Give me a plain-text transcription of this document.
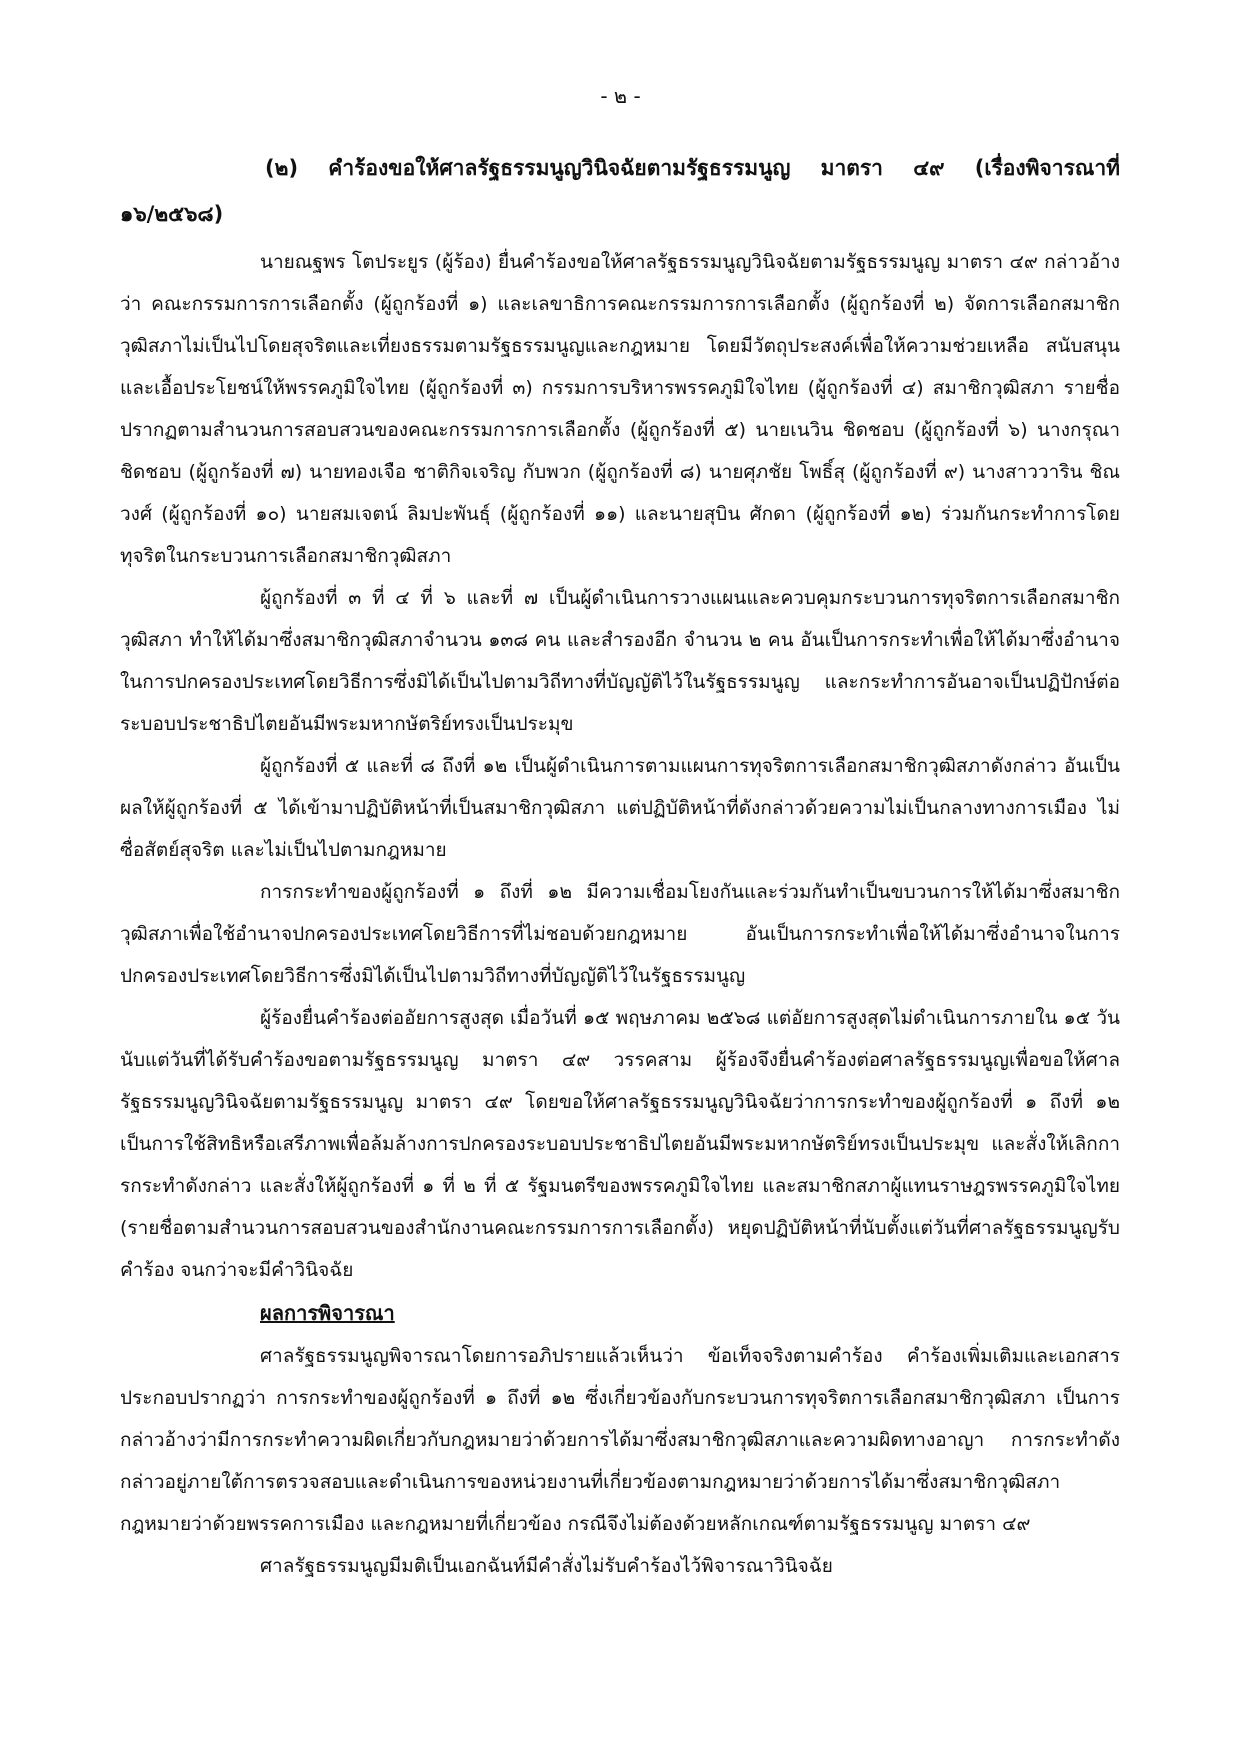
- ๒ -

(๒) คําร้องขอให้ศาลรัฐธรรมนูญวินิจฉัยตามรัฐธรรมนูญ มาตรา ๔๙ (เรื่องพิจารณาที่ ๑๖/๒๕๖๘)

นายณฐพร โตประยูร (ผู้ร้อง) ยื่นคําร้องขอให้ศาลรัฐธรรมนูญวินิจฉัยตามรัฐธรรมนูญ มาตรา ๔๙ กล่าวอ้างว่า คณะกรรมการการเลือกตั้ง (ผู้ถูกร้องที่ ๑) และเลขาธิการคณะกรรมการการเลือกตั้ง (ผู้ถูกร้องที่ ๒) จัดการเลือกสมาชิกวุฒิสภาไม่เป็นไปโดยสุจริตและเที่ยงธรรมตามรัฐธรรมนูญและกฎหมาย โดยมีวัตถุประสงค์เพื่อให้ความช่วยเหลือ สนับสนุน และเอื้อประโยชน์ให้พรรคภูมิใจไทย (ผู้ถูกร้องที่ ๓) กรรมการบริหารพรรคภูมิใจไทย (ผู้ถูกร้องที่ ๔) สมาชิกวุฒิสภา รายชื่อปรากฏตามสํานวนการสอบสวนของคณะกรรมการการเลือกตั้ง (ผู้ถูกร้องที่ ๕) นายเนวิน ชิดชอบ (ผู้ถูกร้องที่ ๖) นางกรุณา ชิดชอบ (ผู้ถูกร้องที่ ๗) นายทองเจือ ชาติกิจเจริญ กับพวก (ผู้ถูกร้องที่ ๘) นายศุภชัย โพธิ์สุ (ผู้ถูกร้องที่ ๙) นางสาววาริน ชิณวงศ์ (ผู้ถูกร้องที่ ๑๐) นายสมเจตน์ ลิมปะพันธุ์ (ผู้ถูกร้องที่ ๑๑) และนายสุบิน ศักดา (ผู้ถูกร้องที่ ๑๒) ร่วมกันกระทําการโดยทุจริตในกระบวนการเลือกสมาชิกวุฒิสภา

ผู้ถูกร้องที่ ๓ ที่ ๔ ที่ ๖ และที่ ๗ เป็นผู้ดําเนินการวางแผนและควบคุมกระบวนการทุจริตการเลือกสมาชิกวุฒิสภา ทําให้ได้มาซึ่งสมาชิกวุฒิสภาจํานวน ๑๓๘ คน และสํารองอีก จํานวน ๒ คน อันเป็นการกระทําเพื่อให้ได้มาซึ่งอํานาจในการปกครองประเทศโดยวิธีการซึ่งมิได้เป็นไปตามวิถีทางที่บัญญัติไว้ในรัฐธรรมนูญ และกระทําการอันอาจเป็นปฏิปักษ์ต่อระบอบประชาธิปไตยอันมีพระมหากษัตริย์ทรงเป็นประมุข

ผู้ถูกร้องที่ ๕ และที่ ๘ ถึงที่ ๑๒ เป็นผู้ดําเนินการตามแผนการทุจริตการเลือกสมาชิกวุฒิสภาดังกล่าว อันเป็นผลให้ผู้ถูกร้องที่ ๕ ได้เข้ามาปฏิบัติหน้าที่เป็นสมาชิกวุฒิสภา แต่ปฏิบัติหน้าที่ดังกล่าวด้วยความไม่เป็นกลางทางการเมือง ไม่ซื่อสัตย์สุจริต และไม่เป็นไปตามกฎหมาย

การกระทําของผู้ถูกร้องที่ ๑ ถึงที่ ๑๒ มีความเชื่อมโยงกันและร่วมกันทําเป็นขบวนการให้ได้มาซึ่งสมาชิกวุฒิสภาเพื่อใช้อํานาจปกครองประเทศโดยวิธีการที่ไม่ชอบด้วยกฎหมาย อันเป็นการกระทําเพื่อให้ได้มาซึ่งอํานาจในการปกครองประเทศโดยวิธีการซึ่งมิได้เป็นไปตามวิถีทางที่บัญญัติไว้ในรัฐธรรมนูญ

ผู้ร้องยื่นคําร้องต่ออัยการสูงสุด เมื่อวันที่ ๑๕ พฤษภาคม ๒๕๖๘ แต่อัยการสูงสุดไม่ดําเนินการภายใน ๑๕ วัน นับแต่วันที่ได้รับคําร้องขอตามรัฐธรรมนูญ มาตรา ๔๙ วรรคสาม ผู้ร้องจึงยื่นคําร้องต่อศาลรัฐธรรมนูญเพื่อขอให้ศาลรัฐธรรมนูญวินิจฉัยตามรัฐธรรมนูญ มาตรา ๔๙ โดยขอให้ศาลรัฐธรรมนูญวินิจฉัยว่าการกระทําของผู้ถูกร้องที่ ๑ ถึงที่ ๑๒ เป็นการใช้สิทธิหรือเสรีภาพเพื่อล้มล้างการปกครองระบอบประชาธิปไตยอันมีพระมหากษัตริย์ทรงเป็นประมุข และสั่งให้เลิกการกระทําดังกล่าว และสั่งให้ผู้ถูกร้องที่ ๑ ที่ ๒ ที่ ๕ รัฐมนตรีของพรรคภูมิใจไทย และสมาชิกสภาผู้แทนราษฎรพรรคภูมิใจไทย (รายชื่อตามสํานวนการสอบสวนของสํานักงานคณะกรรมการการเลือกตั้ง) หยุดปฏิบัติหน้าที่นับตั้งแต่วันที่ศาลรัฐธรรมนูญรับคําร้อง จนกว่าจะมีคําวินิจฉัย

ผลการพิจารณา

ศาลรัฐธรรมนูญพิจารณาโดยการอภิปรายแล้วเห็นว่า ข้อเท็จจริงตามคําร้อง คําร้องเพิ่มเติมและเอกสารประกอบปรากฏว่า การกระทําของผู้ถูกร้องที่ ๑ ถึงที่ ๑๒ ซึ่งเกี่ยวข้องกับกระบวนการทุจริตการเลือกสมาชิกวุฒิสภา เป็นการกล่าวอ้างว่ามีการกระทําความผิดเกี่ยวกับกฎหมายว่าด้วยการได้มาซึ่งสมาชิกวุฒิสภาและความผิดทางอาญา การกระทําดังกล่าวอยู่ภายใต้การตรวจสอบและดําเนินการของหน่วยงานที่เกี่ยวข้องตามกฎหมายว่าด้วยการได้มาซึ่งสมาชิกวุฒิสภา กฎหมายว่าด้วยพรรคการเมือง และกฎหมายที่เกี่ยวข้อง กรณีจึงไม่ต้องด้วยหลักเกณฑ์ตามรัฐธรรมนูญ มาตรา ๔๙

ศาลรัฐธรรมนูญมีมติเป็นเอกฉันท์มีคําสั่งไม่รับคําร้องไว้พิจารณาวินิจฉัย
